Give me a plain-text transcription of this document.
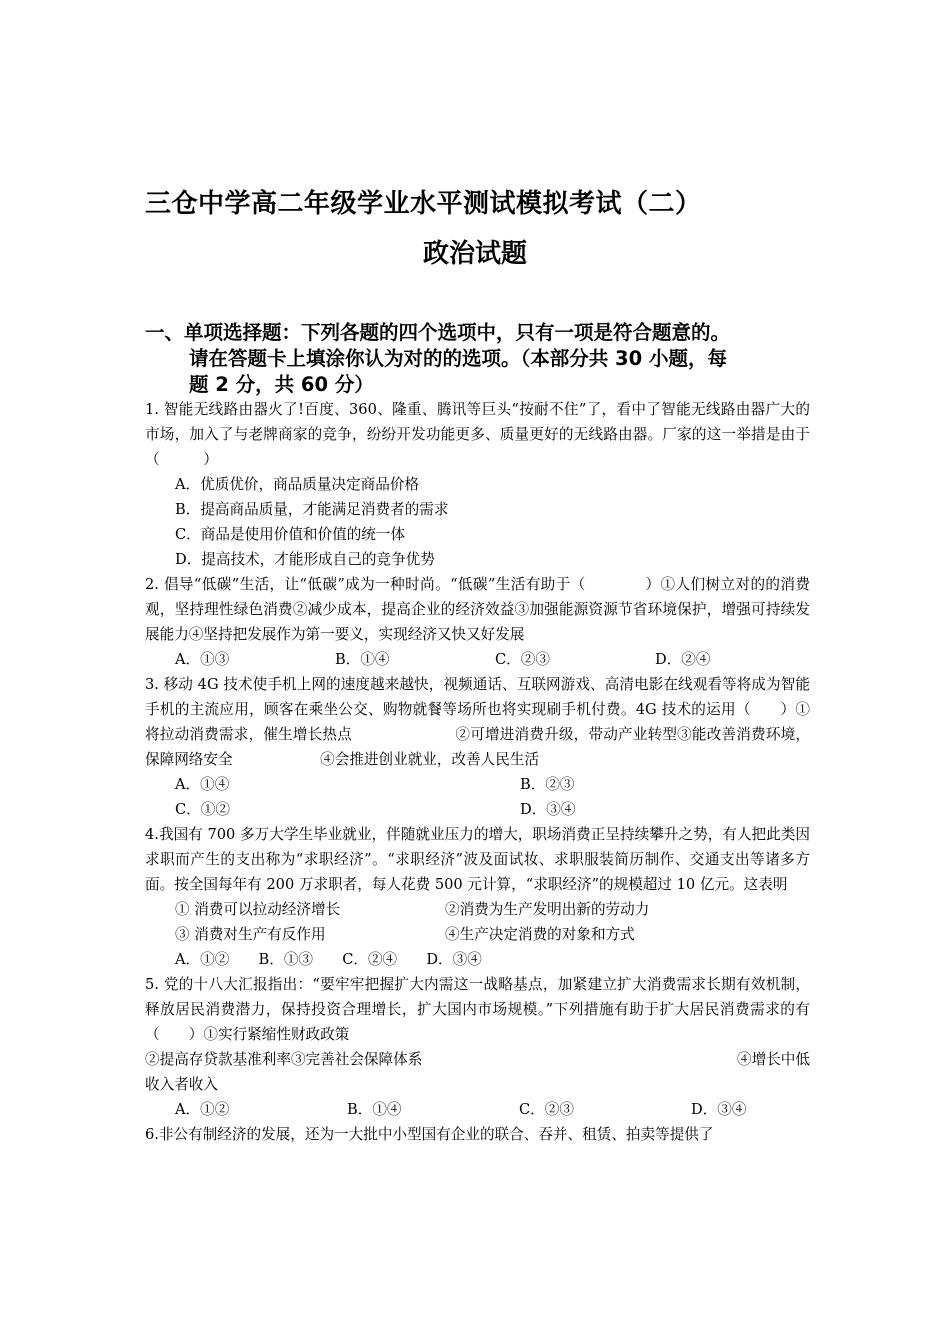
三仓中学高二年级学业水平测试模拟考试（二）
政治试题
一、单项选择题：下列各题的四个选项中，只有一项是符合题意的。
请在答题卡上填涂你认为对的的选项。（本部分共 30 小题，每
题 2 分，共 60 分）

1. 智能无线路由器火了!百度、360、隆重、腾讯等巨头“按耐不住”了，看中了智能无线路由器广大的市场，加入了与老牌商家的竞争，纷纷开发功能更多、质量更好的无线路由器。厂家的这一举措是由于（　　　）

A．优质优价，商品质量决定商品价格

B．提高商品质量，才能满足消费者的需求

C．商品是使用价值和价值的统一体

D．提高技术，才能形成自己的竞争优势

2. 倡导“低碳”生活，让“低碳”成为一种时尚。“低碳”生活有助于（　　　　）①人们树立对的的消费观，坚持理性绿色消费②减少成本，提高企业的经济效益③加强能源资源节省环境保护，增强可持续发展能力④坚持把发展作为第一要义，实现经济又快又好发展

A．①③	B．①④	C．②③	D．②④

3. 移动 4G 技术使手机上网的速度越来越快，视频通话、互联网游戏、高清电影在线观看等将成为智能手机的主流应用，顾客在乘坐公交、购物就餐等场所也将实现刷手机付费。4G 技术的运用（　　）①将拉动消费需求，催生增长热点　　　　　　　②可增进消费升级，带动产业转型③能改善消费环境，保障网络安全　　　　　　④会推进创业就业，改善人民生活

A．①④	B．②③
C．①②	D．③④

4.我国有 700 多万大学生毕业就业，伴随就业压力的增大，职场消费正呈持续攀升之势，有人把此类因求职而产生的支出称为“求职经济”。“求职经济”波及面试妆、求职服装简历制作、交通支出等诸多方面。按全国每年有 200 万求职者，每人花费 500 元计算，“求职经济”的规模超过 10 亿元。这表明

① 消费可以拉动经济增长	②消费为生产发明出新的劳动力
③ 消费对生产有反作用	④生产决定消费的对象和方式

A．①②　　B．①③　　C．②④　　D．③④

5. 党的十八大汇报指出：“要牢牢把握扩大内需这一战略基点，加紧建立扩大消费需求长期有效机制，释放居民消费潜力，保持投资合理增长，扩大国内市场规模。”下列措施有助于扩大居民消费需求的有（　　）①实行紧缩性财政政策

②提高存贷款基准利率③完善社会保障体系	④增长中低

收入者收入

A．①②	B．①④	C．②③	D．③④

6.非公有制经济的发展，还为一大批中小型国有企业的联合、吞并、租赁、拍卖等提供了
